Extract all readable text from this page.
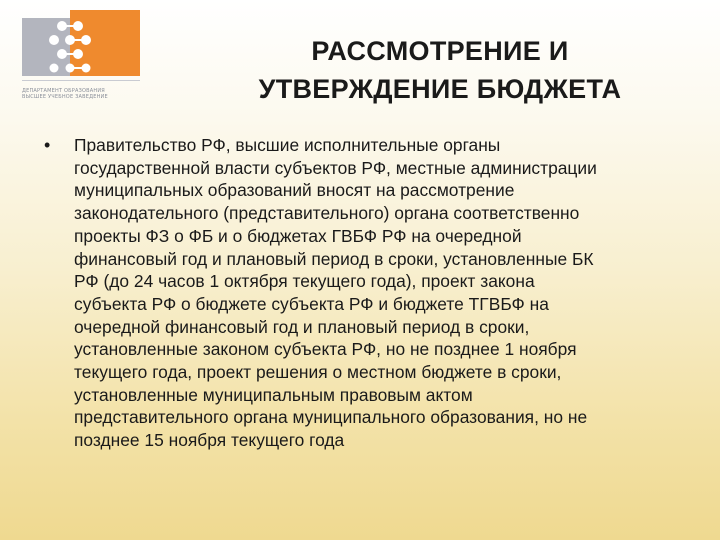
ДЕПАРТАМЕНТ ОБРАЗОВАНИЯ
ВЫСШЕЕ УЧЕБНОЕ ЗАВЕДЕНИЕ
РАССМОТРЕНИЕ И
УТВЕРЖДЕНИЕ БЮДЖЕТА
• Правительство РФ, высшие исполнительные органы
государственной власти субъектов РФ, местные администрации
муниципальных образований вносят на рассмотрение
законодательного (представительного) органа соответственно
проекты ФЗ о ФБ и о бюджетах ГВБФ РФ на очередной
финансовый год и плановый период в сроки, установленные БК
РФ (до 24 часов 1 октября текущего года), проект закона
субъекта РФ о бюджете субъекта РФ и бюджете ТГВБФ на
очередной финансовый год и плановый период в сроки,
установленные законом субъекта РФ, но не позднее 1 ноября
текущего года, проект решения о местном бюджете в сроки,
установленные муниципальным правовым актом
представительного органа муниципального образования, но не
позднее 15 ноября текущего года
